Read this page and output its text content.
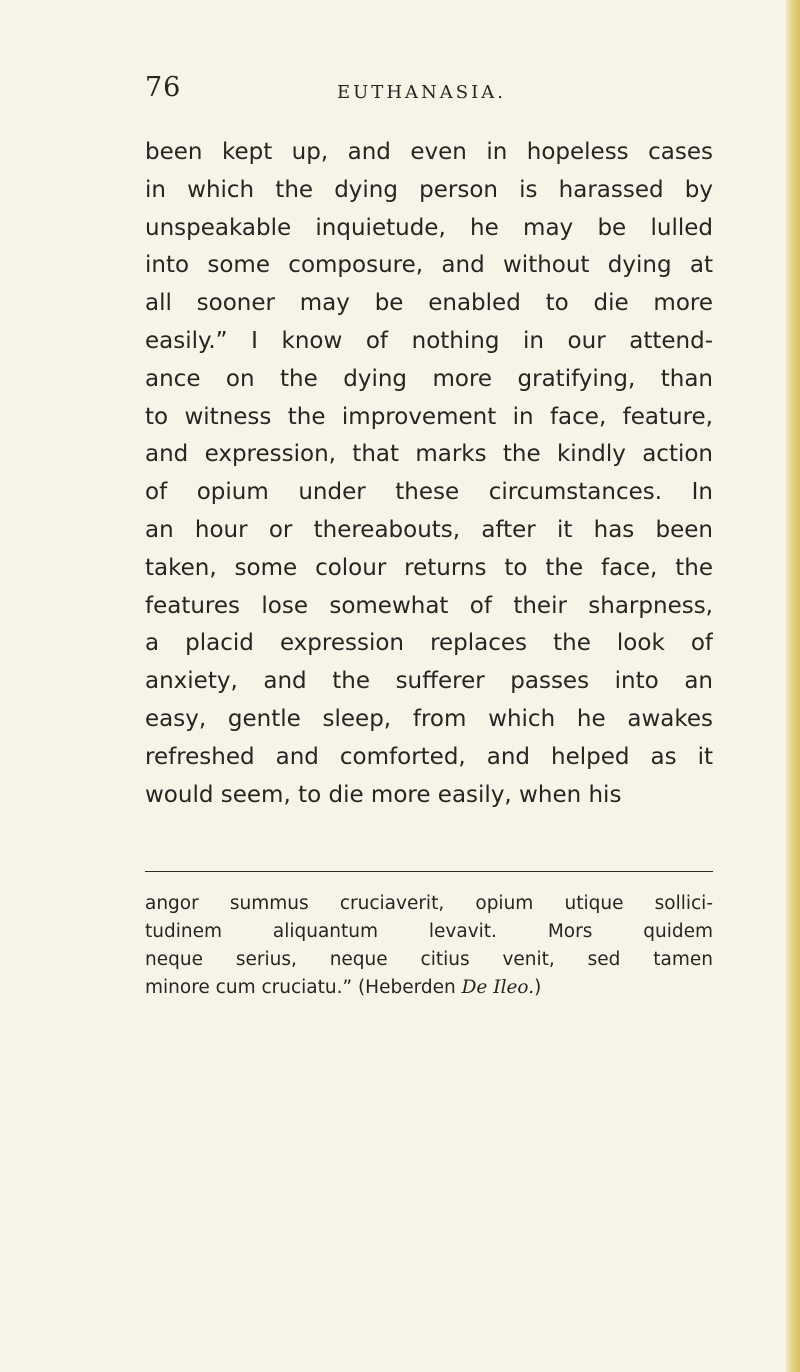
76	EUTHANASIA.
been kept up, and even in hopeless cases
in which the dying person is harassed by
unspeakable inquietude, he may be lulled
into some composure, and without dying at
all sooner may be enabled to die more
easily.” I know of nothing in our attend-
ance on the dying more gratifying, than
to witness the improvement in face, feature,
and expression, that marks the kindly action
of opium under these circumstances. In
an hour or thereabouts, after it has been
taken, some colour returns to the face, the
features lose somewhat of their sharpness,
a placid expression replaces the look of
anxiety, and the sufferer passes into an
easy, gentle sleep, from which he awakes
refreshed and comforted, and helped as it
would seem, to die more easily, when his
angor summus cruciaverit, opium utique sollici-
tudinem aliquantum levavit. Mors quidem
neque serius, neque citius venit, sed tamen
minore cum cruciatu.” (Heberden De Ileo.)
